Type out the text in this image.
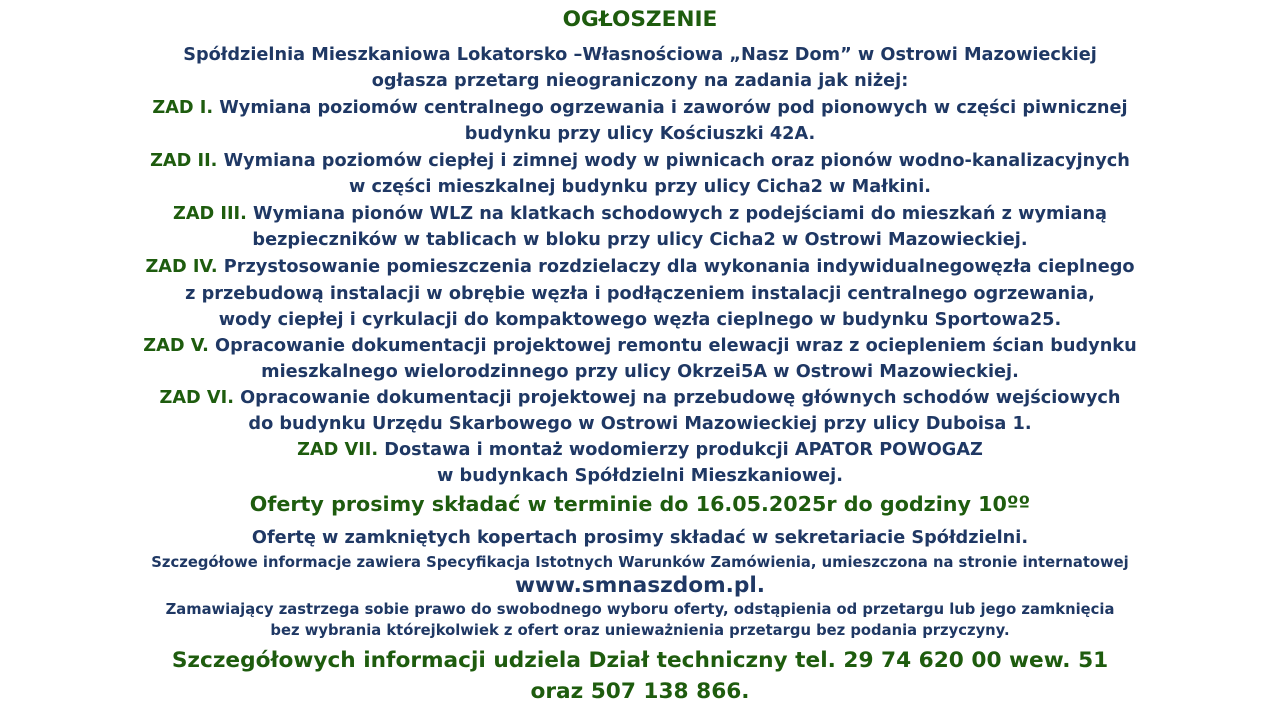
OGŁOSZENIE
Spółdzielnia Mieszkaniowa Lokatorsko –Własnościowa „Nasz Dom” w Ostrowi Mazowieckiej
ogłasza przetarg nieograniczony na zadania jak niżej:
ZAD I. Wymiana poziomów centralnego ogrzewania i zaworów pod pionowych w części piwnicznej
budynku przy ulicy Kościuszki 42A.
ZAD II. Wymiana poziomów ciepłej i zimnej wody w piwnicach oraz pionów wodno-kanalizacyjnych
w części mieszkalnej budynku przy ulicy Cicha2 w Małkini.
ZAD III. Wymiana pionów WLZ na klatkach schodowych z podejściami do mieszkań z wymianą
bezpieczników w tablicach w bloku przy ulicy Cicha2 w Ostrowi Mazowieckiej.
ZAD IV. Przystosowanie pomieszczenia rozdzielaczy dla wykonania indywidualnegowęzła cieplnego
z przebudową instalacji w obrębie węzła i podłączeniem instalacji centralnego ogrzewania,
wody ciepłej i cyrkulacji do kompaktowego węzła cieplnego w budynku Sportowa25.
ZAD V. Opracowanie dokumentacji projektowej remontu elewacji wraz z ociepleniem ścian budynku
mieszkalnego wielorodzinnego przy ulicy Okrzei5A w Ostrowi Mazowieckiej.
ZAD VI. Opracowanie dokumentacji projektowej na przebudowę głównych schodów wejściowych
do budynku Urzędu Skarbowego w Ostrowi Mazowieckiej przy ulicy Duboisa 1.
ZAD VII. Dostawa i montaż wodomierzy produkcji APATOR POWOGAZ
w budynkach Spółdzielni Mieszkaniowej.
Oferty prosimy składać w terminie do 16.05.2025r do godziny 10ºº
Ofertę w zamkniętych kopertach prosimy składać w sekretariacie Spółdzielni.
Szczegółowe informacje zawiera Specyfikacja Istotnych Warunków Zamówienia, umieszczona na stronie internatowej
www.smnaszdom.pl.
Zamawiający zastrzega sobie prawo do swobodnego wyboru oferty, odstąpienia od przetargu lub jego zamknięcia
bez wybrania którejkolwiek z ofert oraz unieważnienia przetargu bez podania przyczyny.
Szczegółowych informacji udziela Dział techniczny tel. 29 74 620 00 wew. 51
oraz 507 138 866.
